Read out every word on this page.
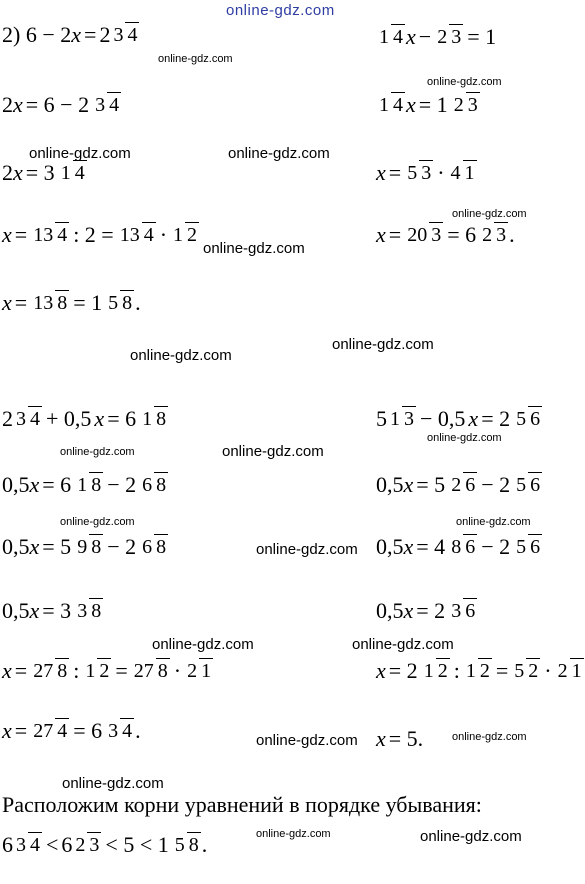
online-gdz.com
2)
6 − 2 x = 2 3 4
online-gdz.com
2 x = 6 − 2 3 4
online-gdz.com	online-gdz.com
2 x = 3 1 4
x = 13 4 : 2 = 13 4 · 1 2
online-gdz.com
x = 13 8 = 1 5 8 .
online-gdz.com
online-gdz.com
1 4 x − 2 3 = 1
online-gdz.com
1 4 x = 1 2 3
x = 5 3 · 4 1
online-gdz.com
x = 20 3 = 6 2 3 .
2 3 4 + 0,5 x = 6 1 8
online-gdz.com	online-gdz.com
0,5 x = 6 1 8 − 2 6 8
online-gdz.com
0,5 x = 5 9 8 − 2 6 8	online-gdz.com
0,5 x = 3 3 8
online-gdz.com	online-gdz.com
x = 27 8 : 1 2 = 27 8 · 2 1
x = 27 4 = 6 3 4 .	online-gdz.com
online-gdz.com
5 1 3 − 0,5 x = 2 5 6
online-gdz.com
0,5 x = 5 2 6 − 2 5 6
online-gdz.com
0,5 x = 4 8 6 − 2 5 6
0,5 x = 2 3 6
x = 2 1 2 : 1 2 = 5 2 · 2 1
x = 5.	online-gdz.com
Расположим корни уравнений в порядке убывания:
online-gdz.com	online-gdz.com
6 3 4 < 6 2 3 < 5 < 1 5 8 .
